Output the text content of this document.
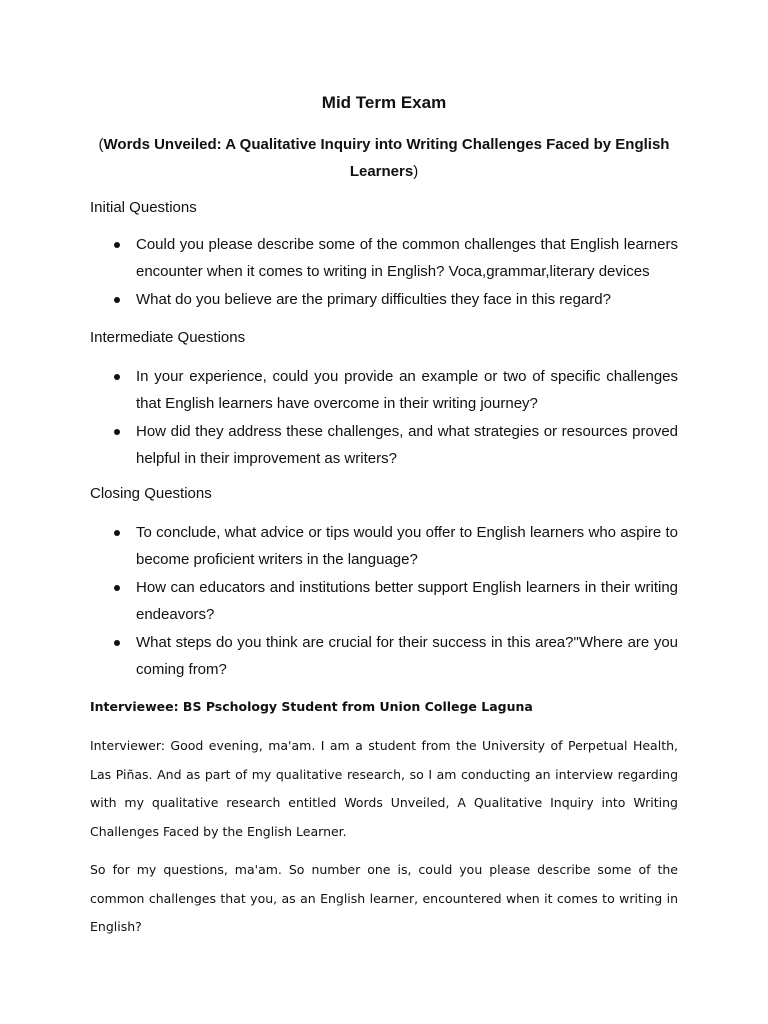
Mid Term Exam
(Words Unveiled: A Qualitative Inquiry into Writing Challenges Faced by English Learners)
Initial Questions
Could you please describe some of the common challenges that English learners encounter when it comes to writing in English? Voca,grammar,literary devices
What do you believe are the primary difficulties they face in this regard?
Intermediate Questions
In your experience, could you provide an example or two of specific challenges that English learners have overcome in their writing journey?
How did they address these challenges, and what strategies or resources proved helpful in their improvement as writers?
Closing Questions
To conclude, what advice or tips would you offer to English learners who aspire to become proficient writers in the language?
How can educators and institutions better support English learners in their writing endeavors?
What steps do you think are crucial for their success in this area?"Where are you coming from?
Interviewee: BS Pschology Student from Union College Laguna

Interviewer: Good evening, ma'am. I am a student from the University of Perpetual Health, Las Piñas. And as part of my qualitative research, so I am conducting an interview regarding with my qualitative research entitled Words Unveiled, A Qualitative Inquiry into Writing Challenges Faced by the English Learner.

So for my questions, ma'am. So number one is, could you please describe some of the common challenges that you, as an English learner, encountered when it comes to writing in English?
